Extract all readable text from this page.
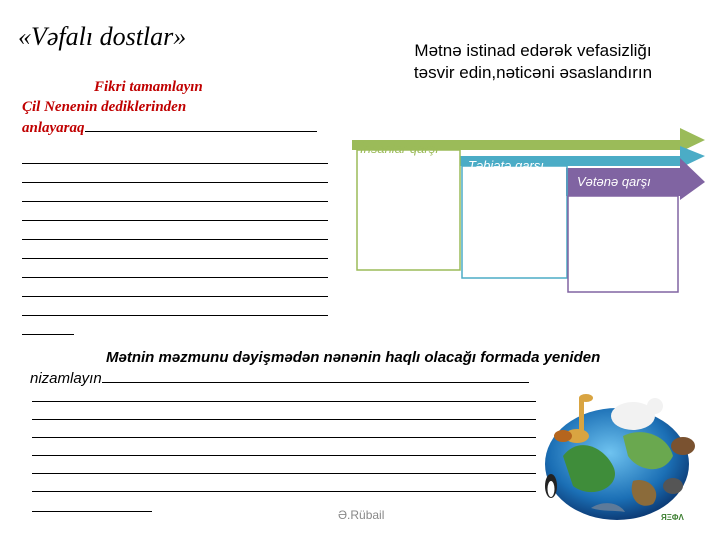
«Vəfalı dostlar»	Mətnə istinad edərək vefasizliğı təsvir edin,nəticəni əsaslandırın
Fikri tamamlayın
Çil Nenenin dediklerinden
anlayaraq
İnsanlar qarşı
Təbiətə qarşı
Vətənə qarşı
Mətnin məzmunu dəyişmədən nənənin haqlı olacağı formada yeniden
nizamlayın
Ə.Rübail	ЯΞΦΛ
